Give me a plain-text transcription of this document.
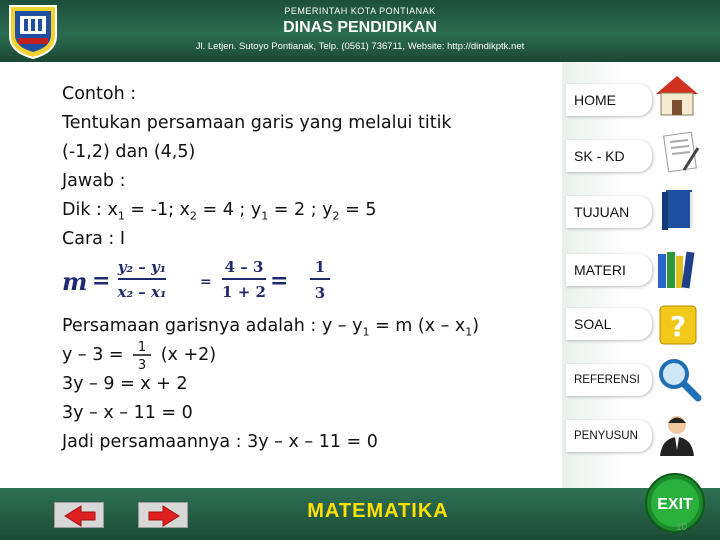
PEMERINTAH KOTA PONTIANAK
DINAS PENDIDIKAN
Jl. Letjen. Sutoyo Pontianak, Telp. (0561) 736711, Website: http://dindikptk.net
HOME
SK - KD
TUJUAN
MATERI
SOAL ?
REFERENSI
PENYUSUN
Contoh :
Tentukan persamaan garis yang melalui titik
(-1,2) dan (4,5)
Jawab :
Dik : $x_1 = -1$; $x_2 = 4$ ; $y_1 = 2$ ; $y_2 = 5$
Cara : I
Persamaan garisnya adalah : $y - y_1 = m$ $(x - x_1)$
y – 3 =  (x +2)
3y – 9 = x + 2
3y – x – 11 = 0
Jadi persamaannya : 3y – x – 11 = 0
m =
y₂ – y₁
x₂ – x₁
=
4 – 3
1 + 2 =
1
3
1
3
MATEMATIKA	EXIT
10
